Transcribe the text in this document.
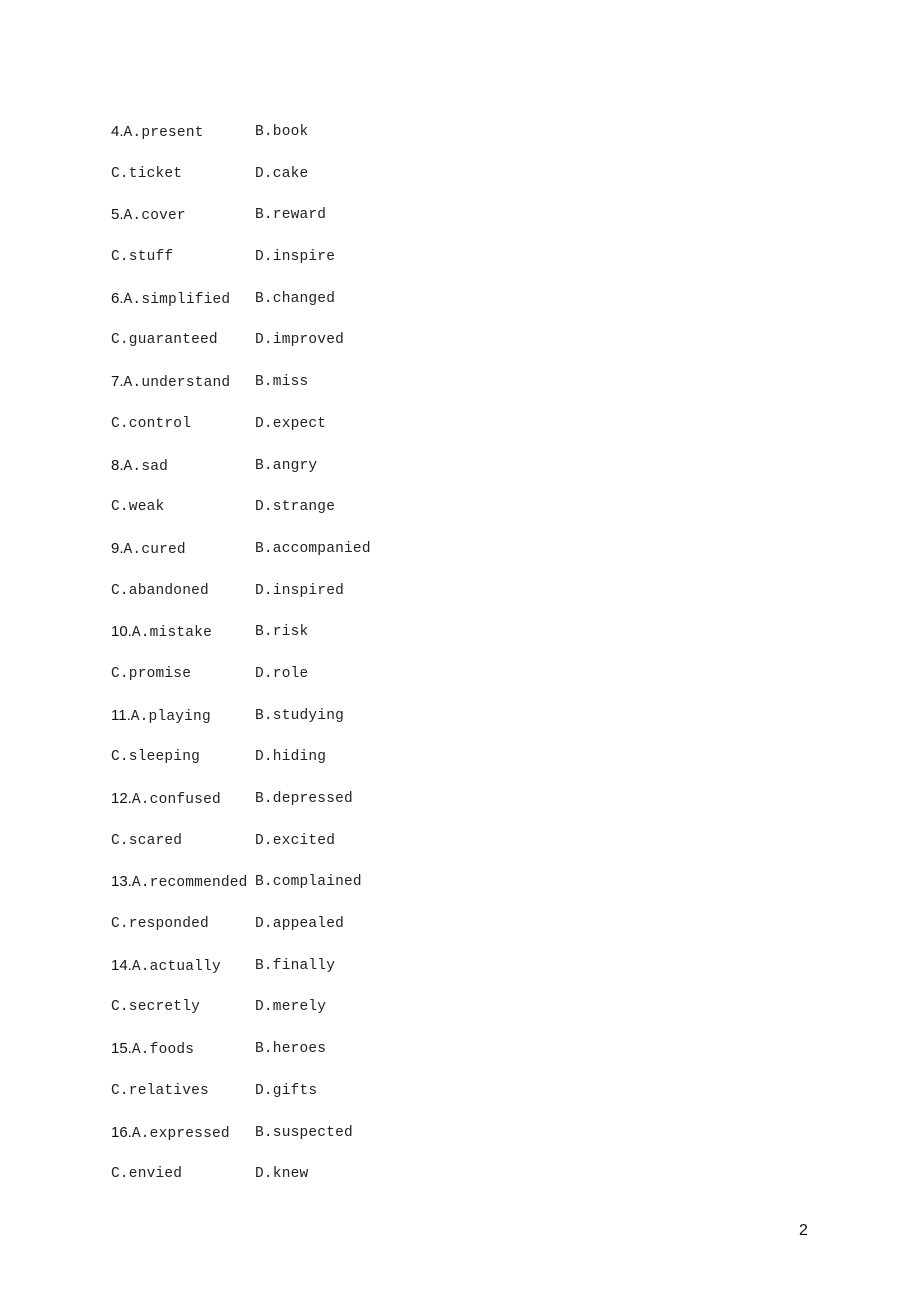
4.A.present	B.book
C.ticket	D.cake
5.A.cover	B.reward
C.stuff	D.inspire
6.A.simplified B.changed
C.guaranteed	D.improved
7.A.understand B.miss
C.control	D.expect
8.A.sad	B.angry
C.weak	D.strange
9.A.cured	B.accompanied
C.abandoned	D.inspired
10.A.mistake	B.risk
C.promise	D.role
11.A.playing	B.studying
C.sleeping	D.hiding
12.A.confused B.depressed
C.scared	D.excited
13.A.recommended B.complained
C.responded	D.appealed
14.A.actually B.finally
C.secretly	D.merely
15.A.foods	B.heroes
C.relatives	D.gifts
16.A.expressed B.suspected
C.envied	D.knew
2
